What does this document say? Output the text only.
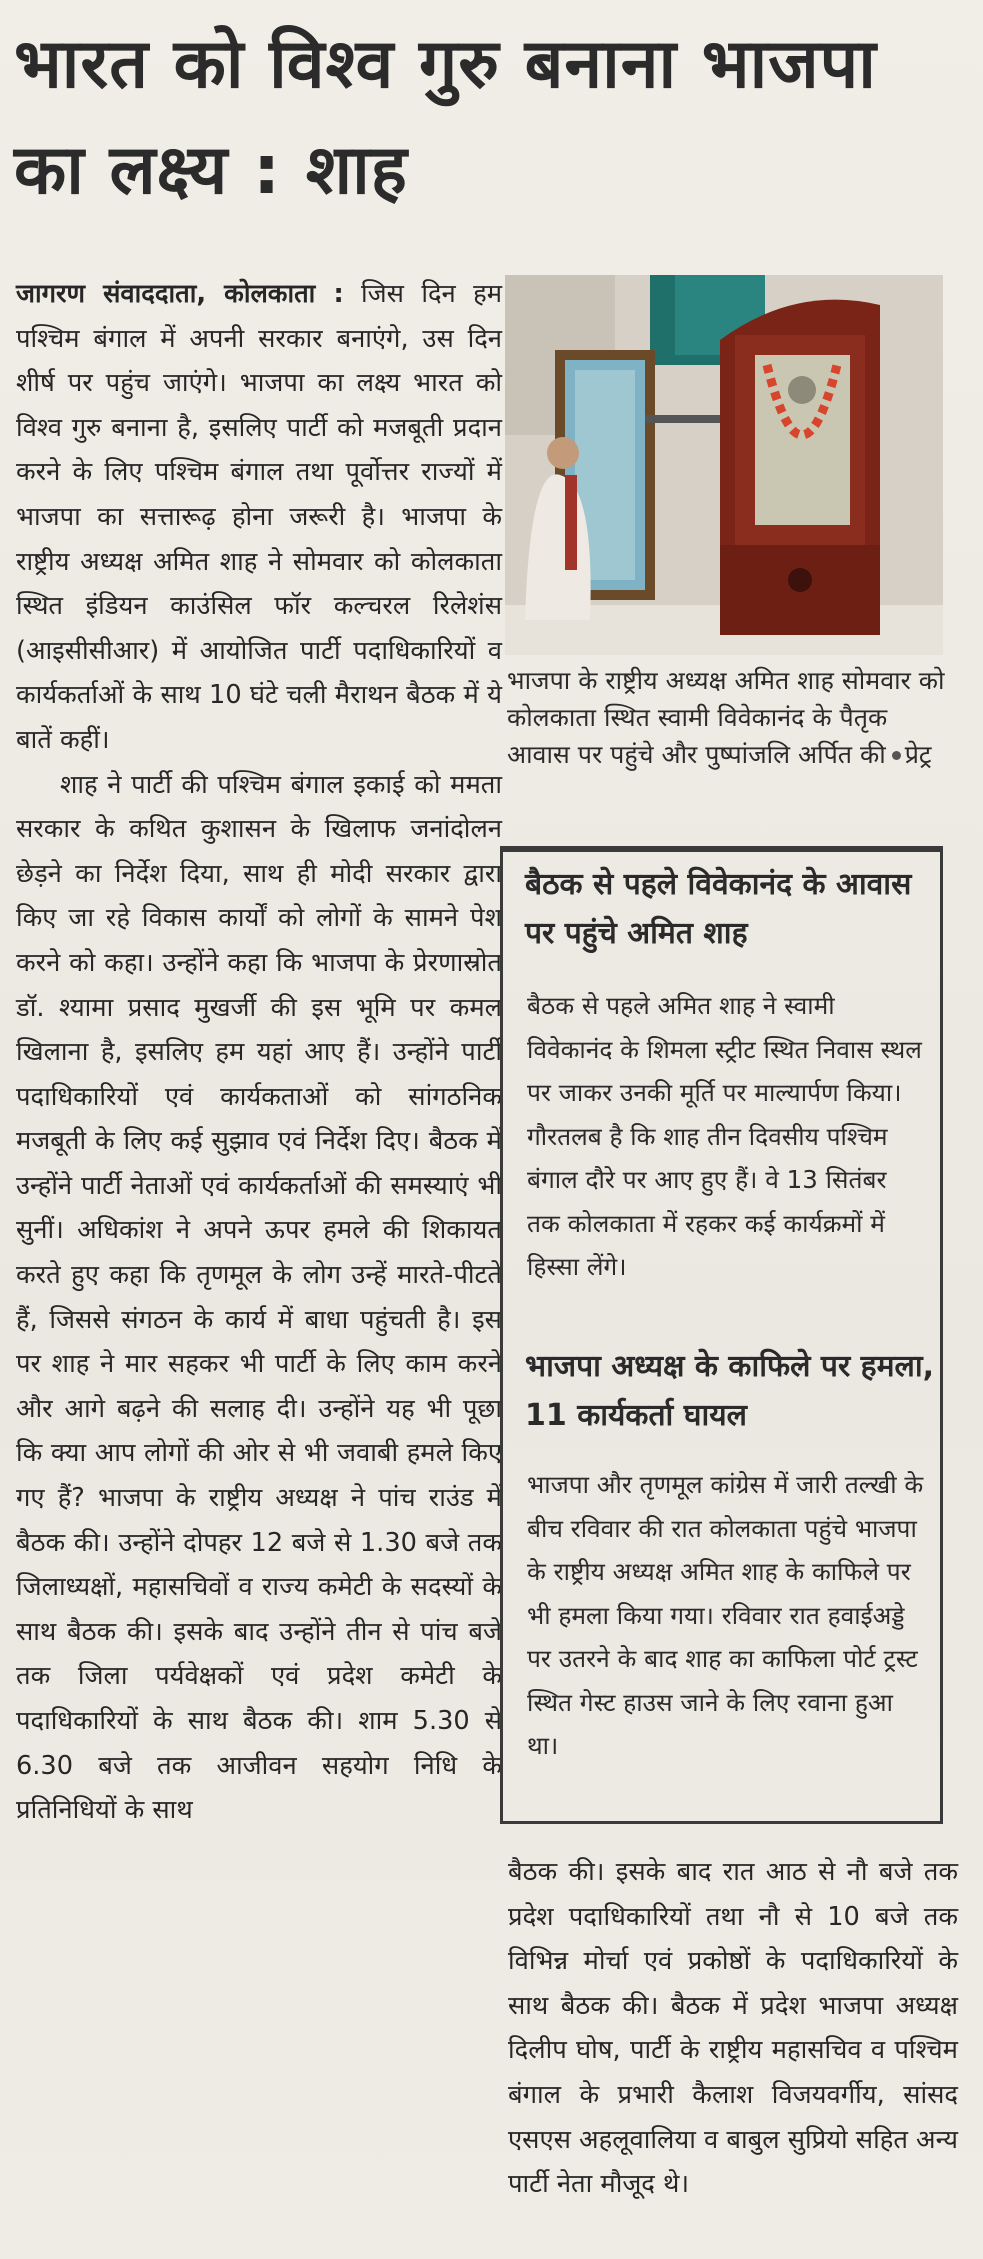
भारत को विश्व गुरु बनाना भाजपा का लक्ष्य : शाह

जागरण संवाददाता, कोलकाता : जिस दिन हम पश्चिम बंगाल में अपनी सरकार बनाएंगे, उस दिन शीर्ष पर पहुंच जाएंगे। भाजपा का लक्ष्य भारत को विश्व गुरु बनाना है, इसलिए पार्टी को मजबूती प्रदान करने के लिए पश्चिम बंगाल तथा पूर्वोत्तर राज्यों में भाजपा का सत्तारूढ़ होना जरूरी है। भाजपा के राष्ट्रीय अध्यक्ष अमित शाह ने सोमवार को कोलकाता स्थित इंडियन काउंसिल फॉर कल्चरल रिलेशंस (आइसीसीआर) में आयोजित पार्टी पदाधिकारियों व कार्यकर्ताओं के साथ 10 घंटे चली मैराथन बैठक में ये बातें कहीं।

शाह ने पार्टी की पश्चिम बंगाल इकाई को ममता सरकार के कथित कुशासन के खिलाफ जनांदोलन छेड़ने का निर्देश दिया, साथ ही मोदी सरकार द्वारा किए जा रहे विकास कार्यों को लोगों के सामने पेश करने को कहा। उन्होंने कहा कि भाजपा के प्रेरणास्रोत डॉ. श्यामा प्रसाद मुखर्जी की इस भूमि पर कमल खिलाना है, इसलिए हम यहां आए हैं। उन्होंने पार्टी पदाधिकारियों एवं कार्यकताओं को सांगठनिक मजबूती के लिए कई सुझाव एवं निर्देश दिए। बैठक में उन्होंने पार्टी नेताओं एवं कार्यकर्ताओं की समस्याएं भी सुनीं। अधिकांश ने अपने ऊपर हमले की शिकायत करते हुए कहा कि तृणमूल के लोग उन्हें मारते-पीटते हैं, जिससे संगठन के कार्य में बाधा पहुंचती है। इस पर शाह ने मार सहकर भी पार्टी के लिए काम करने और आगे बढ़ने की सलाह दी। उन्होंने यह भी पूछा कि क्या आप लोगों की ओर से भी जवाबी हमले किए गए हैं? भाजपा के राष्ट्रीय अध्यक्ष ने पांच राउंड में बैठक की। उन्होंने दोपहर 12 बजे से 1.30 बजे तक जिलाध्यक्षों, महासचिवों व राज्य कमेटी के सदस्यों के साथ बैठक की। इसके बाद उन्होंने तीन से पांच बजे तक जिला पर्यवेक्षकों एवं प्रदेश कमेटी के पदाधिकारियों के साथ बैठक की। शाम 5.30 से 6.30 बजे तक आजीवन सहयोग निधि के प्रतिनिधियों के साथ

भाजपा के राष्ट्रीय अध्यक्ष अमित शाह सोमवार को कोलकाता स्थित स्वामी विवेकानंद के पैतृक आवास पर पहुंचे और पुष्पांजलि अर्पित की प्रेट्र
बैठक से पहले विवेकानंद के आवास पर पहुंचे अमित शाह

बैठक से पहले अमित शाह ने स्वामी विवेकानंद के शिमला स्ट्रीट स्थित निवास स्थल पर जाकर उनकी मूर्ति पर माल्यार्पण किया। गौरतलब है कि शाह तीन दिवसीय पश्चिम बंगाल दौरे पर आए हुए हैं। वे 13 सितंबर तक कोलकाता में रहकर कई कार्यक्रमों में हिस्सा लेंगे।

भाजपा अध्यक्ष के काफिले पर हमला, 11 कार्यकर्ता घायल

भाजपा और तृणमूल कांग्रेस में जारी तल्खी के बीच रविवार की रात कोलकाता पहुंचे भाजपा के राष्ट्रीय अध्यक्ष अमित शाह के काफिले पर भी हमला किया गया। रविवार रात हवाईअड्डे पर उतरने के बाद शाह का काफिला पोर्ट ट्रस्ट स्थित गेस्ट हाउस जाने के लिए रवाना हुआ था।

बैठक की। इसके बाद रात आठ से नौ बजे तक प्रदेश पदाधिकारियों तथा नौ से 10 बजे तक विभिन्न मोर्चा एवं प्रकोष्ठों के पदाधिकारियों के साथ बैठक की। बैठक में प्रदेश भाजपा अध्यक्ष दिलीप घोष, पार्टी के राष्ट्रीय महासचिव व पश्चिम बंगाल के प्रभारी कैलाश विजयवर्गीय, सांसद एसएस अहलूवालिया व बाबुल सुप्रियो सहित अन्य पार्टी नेता मौजूद थे।
